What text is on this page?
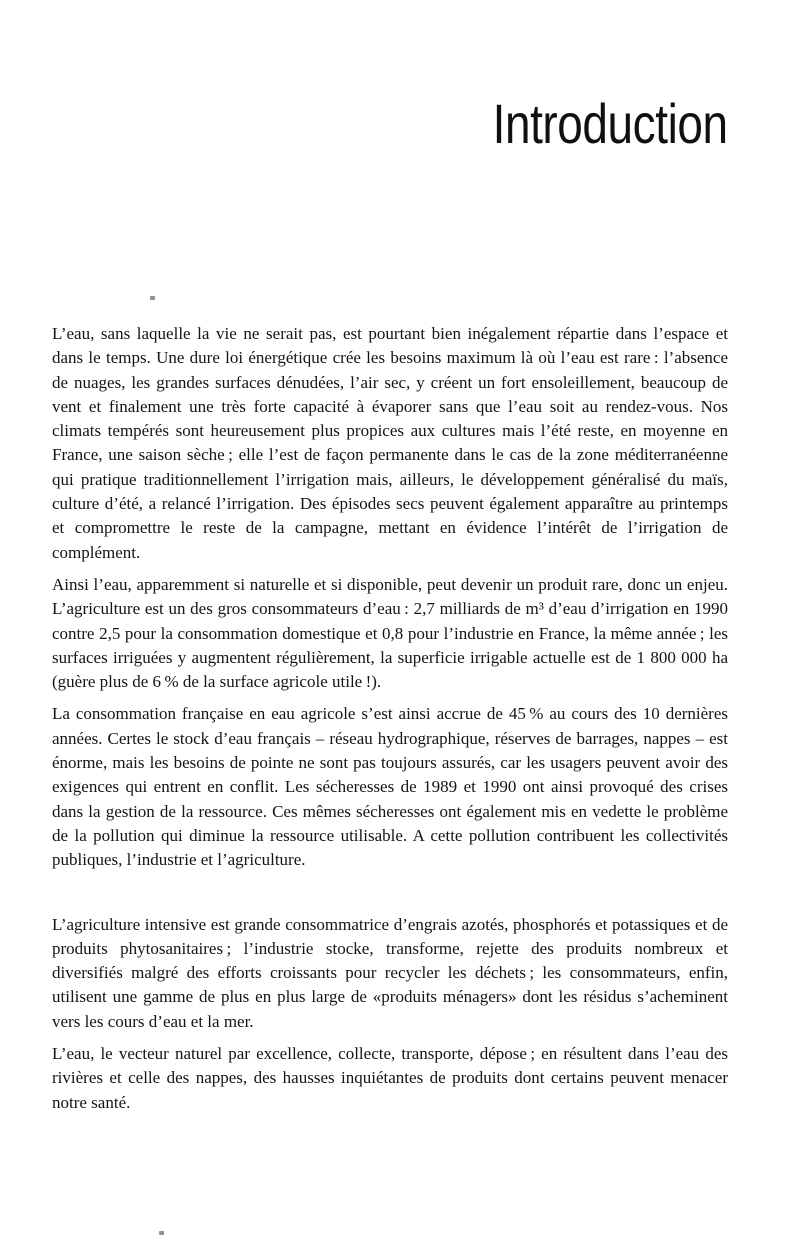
Introduction

L’eau, sans laquelle la vie ne serait pas, est pourtant bien inégalement répartie dans l’espace et dans le temps. Une dure loi énergétique crée les besoins maximum là où l’eau est rare : l’absence de nuages, les grandes surfaces dénudées, l’air sec, y créent un fort ensoleillement, beaucoup de vent et finalement une très forte capacité à évaporer sans que l’eau soit au rendez-vous. Nos climats tempérés sont heureusement plus propices aux cultures mais l’été reste, en moyenne en France, une saison sèche ; elle l’est de façon permanente dans le cas de la zone méditerranéenne qui pratique traditionnellement l’irrigation mais, ailleurs, le développement généralisé du maïs, culture d’été, a relancé l’irrigation. Des épisodes secs peuvent également apparaître au printemps et compromettre le reste de la campagne, mettant en évidence l’intérêt de l’irrigation de complément.

Ainsi l’eau, apparemment si naturelle et si disponible, peut devenir un produit rare, donc un enjeu. L’agriculture est un des gros consommateurs d’eau : 2,7 milliards de m³ d’eau d’irrigation en 1990 contre 2,5 pour la consommation domestique et 0,8 pour l’industrie en France, la même année ; les surfaces irriguées y augmentent régulièrement, la superficie irrigable actuelle est de 1 800 000 ha (guère plus de 6 % de la surface agricole utile !).

La consommation française en eau agricole s’est ainsi accrue de 45 % au cours des 10 dernières années. Certes le stock d’eau français – réseau hydrographique, réserves de barrages, nappes – est énorme, mais les besoins de pointe ne sont pas toujours assurés, car les usagers peuvent avoir des exigences qui entrent en conflit. Les sécheresses de 1989 et 1990 ont ainsi provoqué des crises dans la gestion de la ressource. Ces mêmes sécheresses ont également mis en vedette le problème de la pollution qui diminue la ressource utilisable. A cette pollution contribuent les collectivités publiques, l’industrie et l’agriculture.

L’agriculture intensive est grande consommatrice d’engrais azotés, phosphorés et potassiques et de produits phytosanitaires ; l’industrie stocke, transforme, rejette des produits nombreux et diversifiés malgré des efforts croissants pour recycler les déchets ; les consommateurs, enfin, utilisent une gamme de plus en plus large de «produits ménagers» dont les résidus s’acheminent vers les cours d’eau et la mer.

L’eau, le vecteur naturel par excellence, collecte, transporte, dépose ; en résultent dans l’eau des rivières et celle des nappes, des hausses inquiétantes de produits dont certains peuvent menacer notre santé.
